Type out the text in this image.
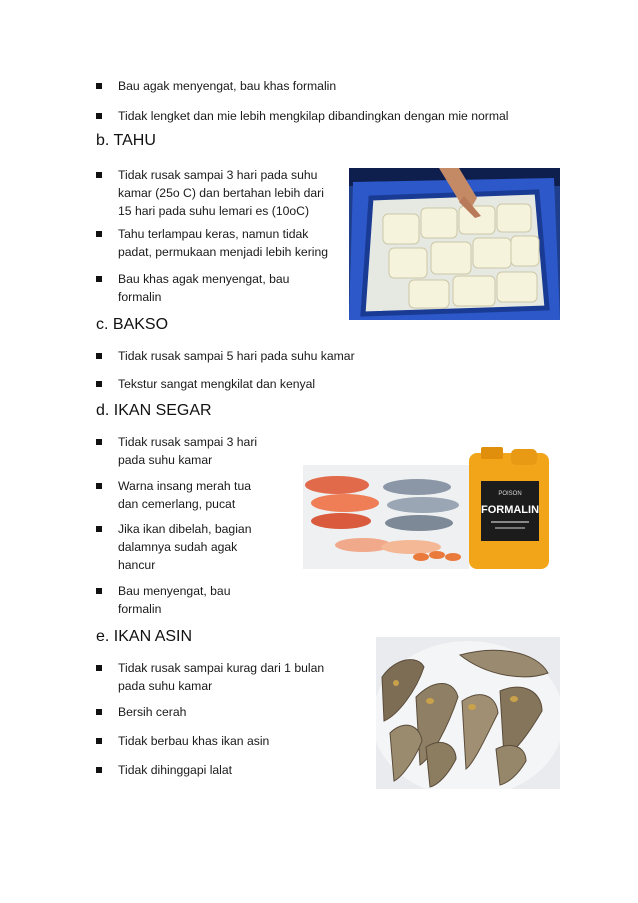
Bau agak menyengat, bau khas formalin
Tidak lengket dan mie lebih mengkilap dibandingkan dengan mie normal
b. TAHU
Tidak rusak sampai 3 hari pada suhu
kamar (25o C) dan bertahan lebih dari
15 hari pada suhu lemari es (10oC)
Tahu terlampau keras, namun tidak
padat, permukaan menjadi lebih kering
Bau khas agak menyengat, bau
formalin
c. BAKSO
Tidak rusak sampai 5 hari pada suhu kamar
Tekstur sangat mengkilat dan kenyal
d. IKAN SEGAR
Tidak rusak sampai 3 hari
pada suhu kamar
Warna insang merah tua
dan cemerlang, pucat
Jika ikan dibelah, bagian
dalamnya sudah agak
hancur
Bau menyengat, bau
formalin
POISON
FORMALIN
e. IKAN ASIN
Tidak rusak sampai kurag dari 1 bulan
pada suhu kamar
Bersih cerah
Tidak berbau khas ikan asin
Tidak dihinggapi lalat
